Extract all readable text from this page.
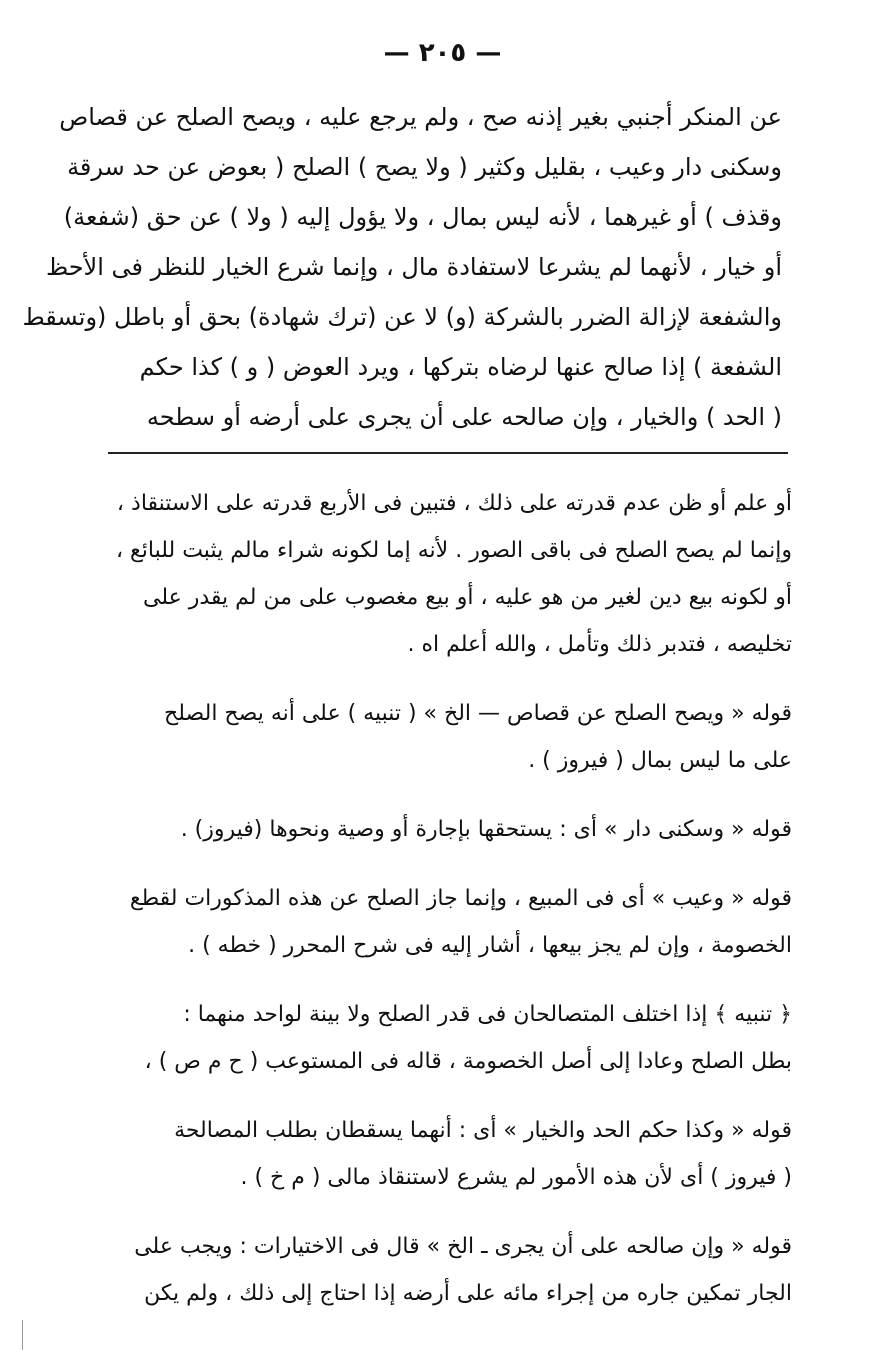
— ٢٠٥ —
عن المنكر أجنبي بغير إذنه صح ، ولم يرجع عليه ، ويصح الصلح عن قصاص
وسكنى دار وعيب ، بقليل وكثير ( ولا يصح ) الصلح ( بعوض عن حد سرقة
وقذف ) أو غيرهما ، لأنه ليس بمال ، ولا يؤول إليه ( ولا ) عن حق (شفعة)
أو خيار ، لأنهما لم يشرعا لاستفادة مال ، وإنما شرع الخيار للنظر فى الأحظ
والشفعة لإزالة الضرر بالشركة (و) لا عن (ترك شهادة) بحق أو باطل (وتسقط
الشفعة ) إذا صالح عنها لرضاه بتركها ، ويرد العوض ( و ) كذا حكم
( الحد ) والخيار ، وإن صالحه على أن يجرى على أرضه أو سطحه
أو علم أو ظن عدم قدرته على ذلك ، فتبين فى الأربع قدرته على الاستنقاذ ،
وإنما لم يصح الصلح فى باقى الصور . لأنه إما لكونه شراء مالم يثبت للبائع ،
أو لكونه بيع دين لغير من هو عليه ، أو بيع مغصوب على من لم يقدر على
تخليصه ، فتدبر ذلك وتأمل ، والله أعلم اه .
قوله « ويصح الصلح عن قصاص — الخ » ( تنبيه ) على أنه يصح الصلح
على ما ليس بمال ( فيروز ) .
قوله « وسكنى دار » أى : يستحقها بإجارة أو وصية ونحوها (فيروز) .
قوله « وعيب » أى فى المبيع ، وإنما جاز الصلح عن هذه المذكورات لقطع
الخصومة ، وإن لم يجز بيعها ، أشار إليه فى شرح المحرر ( خطه ) .
﴿ تنبيه ﴾ إذا اختلف المتصالحان فى قدر الصلح ولا بينة لواحد منهما :
بطل الصلح وعادا إلى أصل الخصومة ، قاله فى المستوعب ( ح م ص ) ،
قوله « وكذا حكم الحد والخيار » أى : أنهما يسقطان بطلب المصالحة
( فيروز ) أى لأن هذه الأمور لم يشرع لاستنقاذ مالى ( م خ ) .
قوله « وإن صالحه على أن يجرى ـ الخ » قال فى الاختيارات : ويجب على
الجار تمكين جاره من إجراء مائه على أرضه إذا احتاج إلى ذلك ، ولم يكن
